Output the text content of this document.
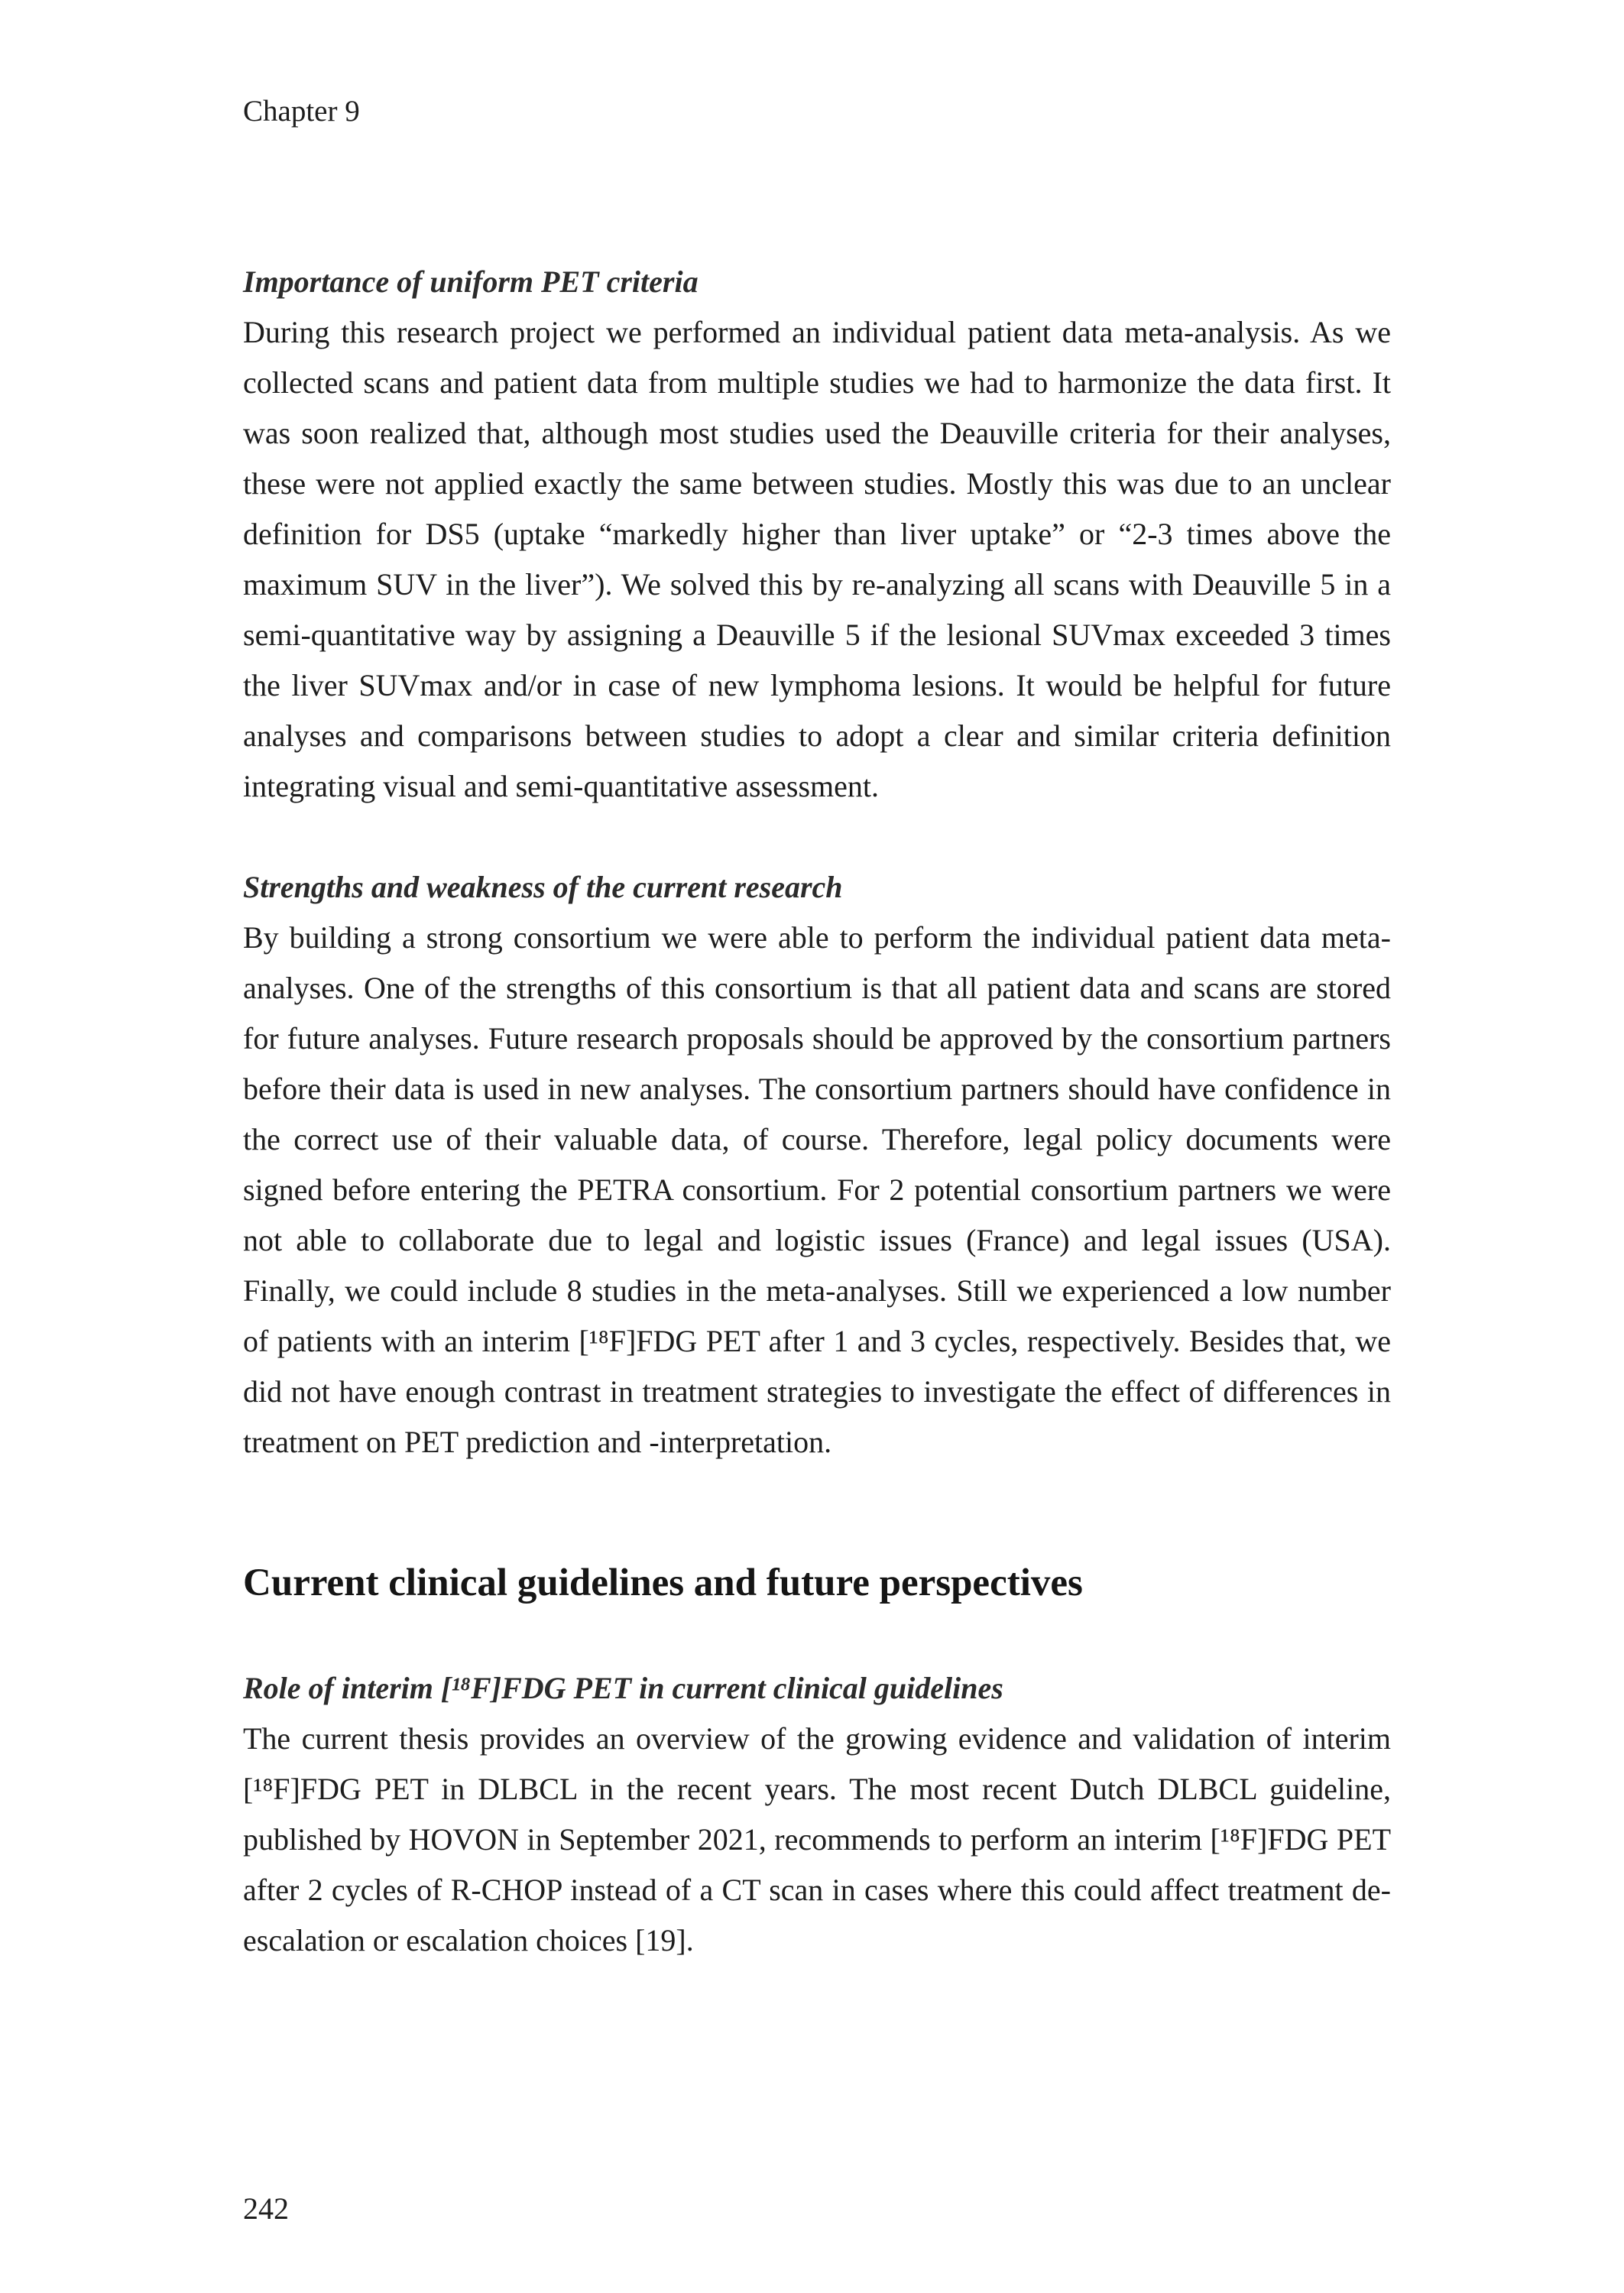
Chapter 9
Importance of uniform PET criteria

During this research project we performed an individual patient data meta-analysis. As we collected scans and patient data from multiple studies we had to harmonize the data first. It was soon realized that, although most studies used the Deauville criteria for their analyses, these were not applied exactly the same between studies. Mostly this was due to an unclear definition for DS5 (uptake “markedly higher than liver uptake” or “2-3 times above the maximum SUV in the liver”). We solved this by re-analyzing all scans with Deauville 5 in a semi-quantitative way by assigning a Deauville 5 if the lesional SUVmax exceeded 3 times the liver SUVmax and/or in case of new lymphoma lesions. It would be helpful for future analyses and comparisons between studies to adopt a clear and similar criteria definition integrating visual and semi-quantitative assessment.

Strengths and weakness of the current research

By building a strong consortium we were able to perform the individual patient data meta-analyses. One of the strengths of this consortium is that all patient data and scans are stored for future analyses. Future research proposals should be approved by the consortium partners before their data is used in new analyses. The consortium partners should have confidence in the correct use of their valuable data, of course. Therefore, legal policy documents were signed before entering the PETRA consortium. For 2 potential consortium partners we were not able to collaborate due to legal and logistic issues (France) and legal issues (USA). Finally, we could include 8 studies in the meta-analyses. Still we experienced a low number of patients with an interim [¹⁸F]FDG PET after 1 and 3 cycles, respectively. Besides that, we did not have enough contrast in treatment strategies to investigate the effect of differences in treatment on PET prediction and -interpretation.

Current clinical guidelines and future perspectives
Role of interim [¹⁸F]FDG PET in current clinical guidelines

The current thesis provides an overview of the growing evidence and validation of interim [¹⁸F]FDG PET in DLBCL in the recent years. The most recent Dutch DLBCL guideline, published by HOVON in September 2021, recommends to perform an interim [¹⁸F]FDG PET after 2 cycles of R-CHOP instead of a CT scan in cases where this could affect treatment de-escalation or escalation choices [19].

242
